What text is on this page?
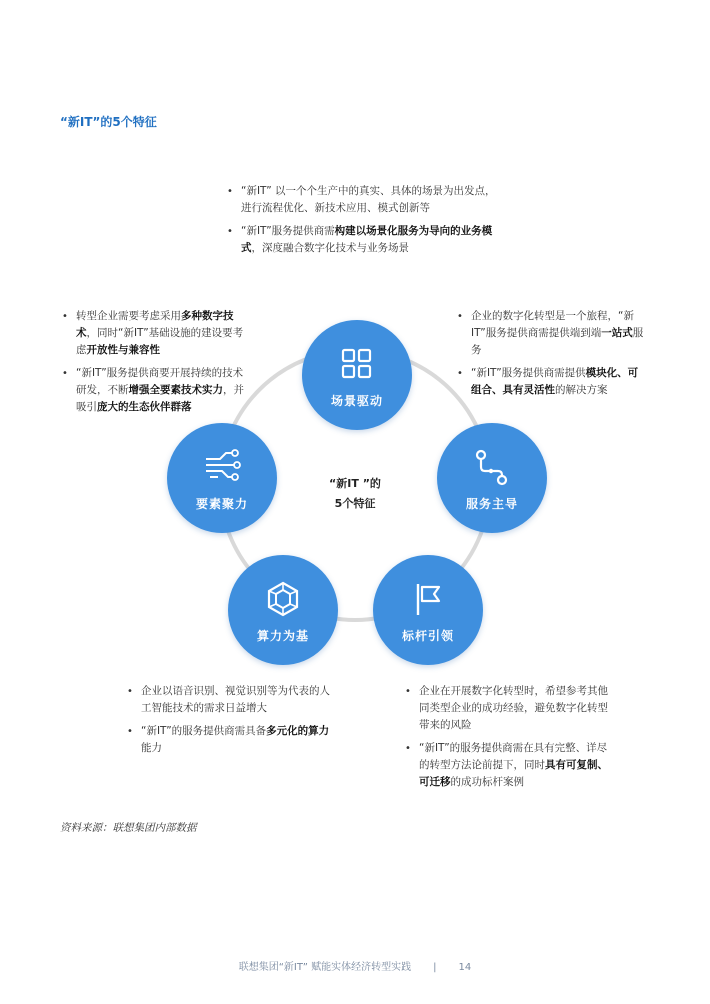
“新IT”的5个特征
场景驱动
服务主导
标杆引领
算力为基
要素聚力
“新IT ”的
5个特征
• “新IT” 以一个个生产中的真实、具体的场景为出发点，进行流程优化、新技术应用、模式创新等
• “新IT”服务提供商需构建以场景化服务为导向的业务模式，深度融合数字化技术与业务场景
• 转型企业需要考虑采用多种数字技术，同时“新IT”基础设施的建设要考虑开放性与兼容性
• “新IT”服务提供商要开展持续的技术研发，不断增强全要素技术实力，并吸引庞大的生态伙伴群落
• 企业的数字化转型是一个旅程，“新IT”服务提供商需提供端到端一站式服务
• “新IT”服务提供商需提供模块化、可组合、具有灵活性的解决方案
• 企业以语音识别、视觉识别等为代表的人工智能技术的需求日益增大
• “新IT”的服务提供商需具备多元化的算力能力
• 企业在开展数字化转型时，希望参考其他同类型企业的成功经验，避免数字化转型带来的风险
• “新IT”的服务提供商需在具有完整、详尽的转型方法论前提下，同时具有可复制、可迁移的成功标杆案例
资料来源：联想集团内部数据
联想集团“新IT” 赋能实体经济转型实践 | 14
